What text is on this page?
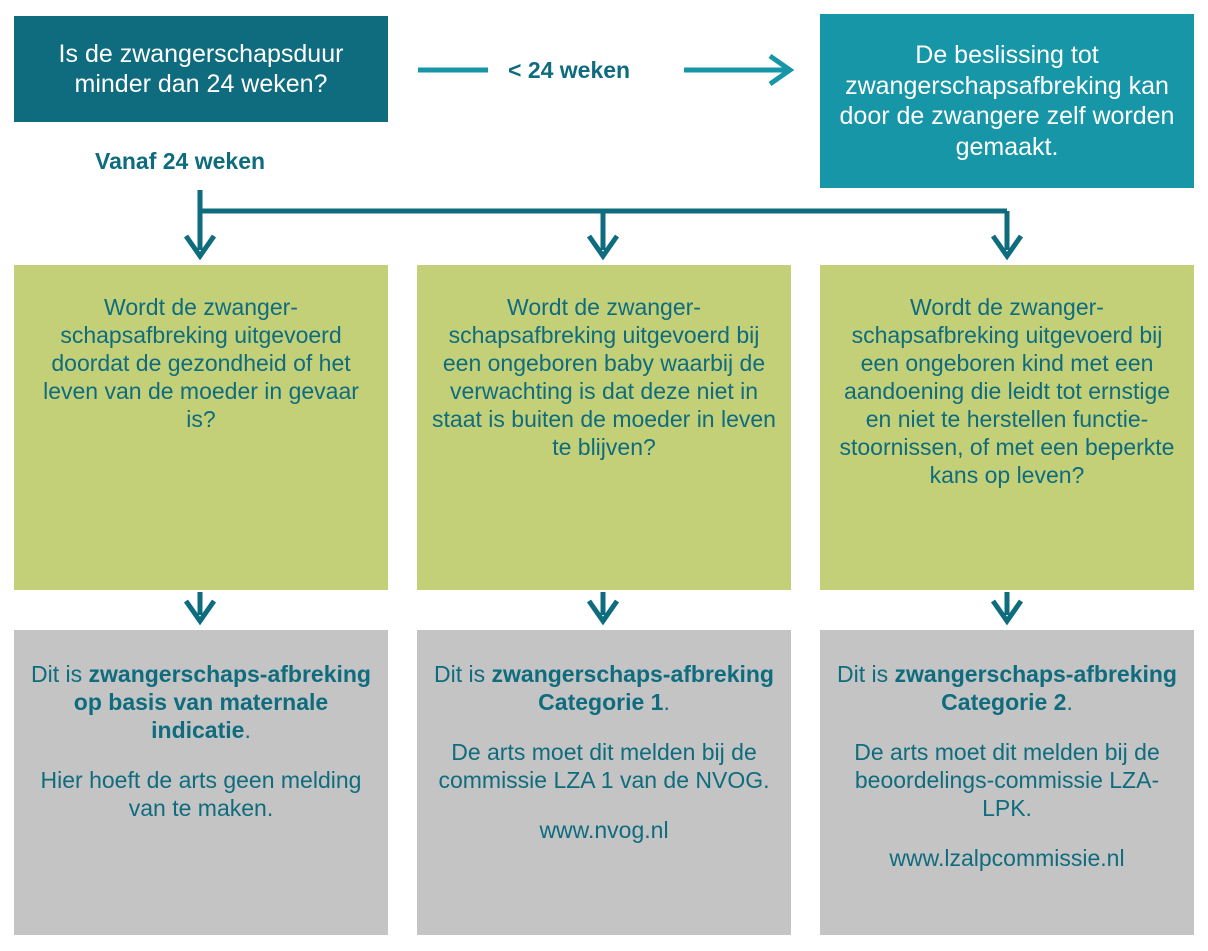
Is de zwangerschapsduur minder dan 24 weken?	< 24 weken
Vanaf 24 weken
De beslissing tot zwangerschapsafbreking kan door de zwangere zelf worden gemaakt.
Wordt de zwanger-schapsafbreking uitgevoerd doordat de gezondheid of het leven van de moeder in gevaar is?
Wordt de zwanger-schapsafbreking uitgevoerd bij een ongeboren baby waarbij de verwachting is dat deze niet in staat is buiten de moeder in leven te blijven?
Wordt de zwanger-schapsafbreking uitgevoerd bij een ongeboren kind met een aandoening die leidt tot ernstige en niet te herstellen functie-stoornissen, of met een beperkte kans op leven?
Dit is zwangerschaps-afbreking op basis van maternale indicatie.
Hier hoeft de arts geen melding van te maken.
Dit is zwangerschaps-afbreking Categorie 1.
De arts moet dit melden bij de commissie LZA 1 van de NVOG.
www.nvog.nl
Dit is zwangerschaps-afbreking Categorie 2.
De arts moet dit melden bij de beoordelings-commissie LZA-LPK.
www.lzalpcommissie.nl
